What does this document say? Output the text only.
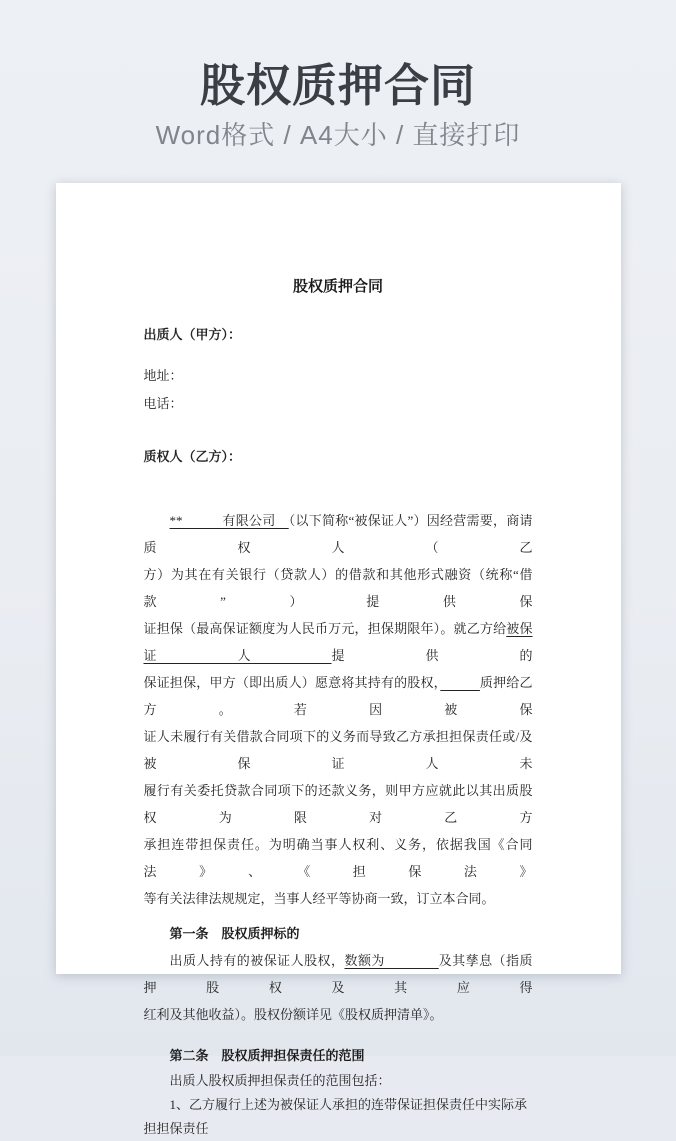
股权质押合同
Word格式 / A4大小 / 直接打印
股权质押合同
出质人（甲方）：
地址：
电话：
质权人（乙方）：
**　　　有限公司　（以下简称“被保证人”）因经营需要，商请质权人（乙
方）为其在有关银行（贷款人）的借款和其他形式融资（统称“借款”）提供保
证担保（最高保证额度为人民币万元，担保期限年）。就乙方给被保证人提供的
保证担保，甲方（即出质人）愿意将其持有的股权，　　　	质押给乙方。若因被保
证人未履行有关借款合同项下的义务而导致乙方承担担保责任或/及被保证人未
履行有关委托贷款合同项下的还款义务，则甲方应就此以其出质股权为限对乙方
承担连带担保责任。为明确当事人权利、义务，依据我国《合同法》、《担保法》
等有关法律法规规定，当事人经平等协商一致，订立本合同。
第一条　股权质押标的
出质人持有的被保证人股权，数额为　　　　及其孳息（指质押股权及其应得
红利及其他收益）。股权份额详见《股权质押清单》。
第二条　股权质押担保责任的范围
出质人股权质押担保责任的范围包括：
1、乙方履行上述为被保证人承担的连带保证担保责任中实际承担担保责任
